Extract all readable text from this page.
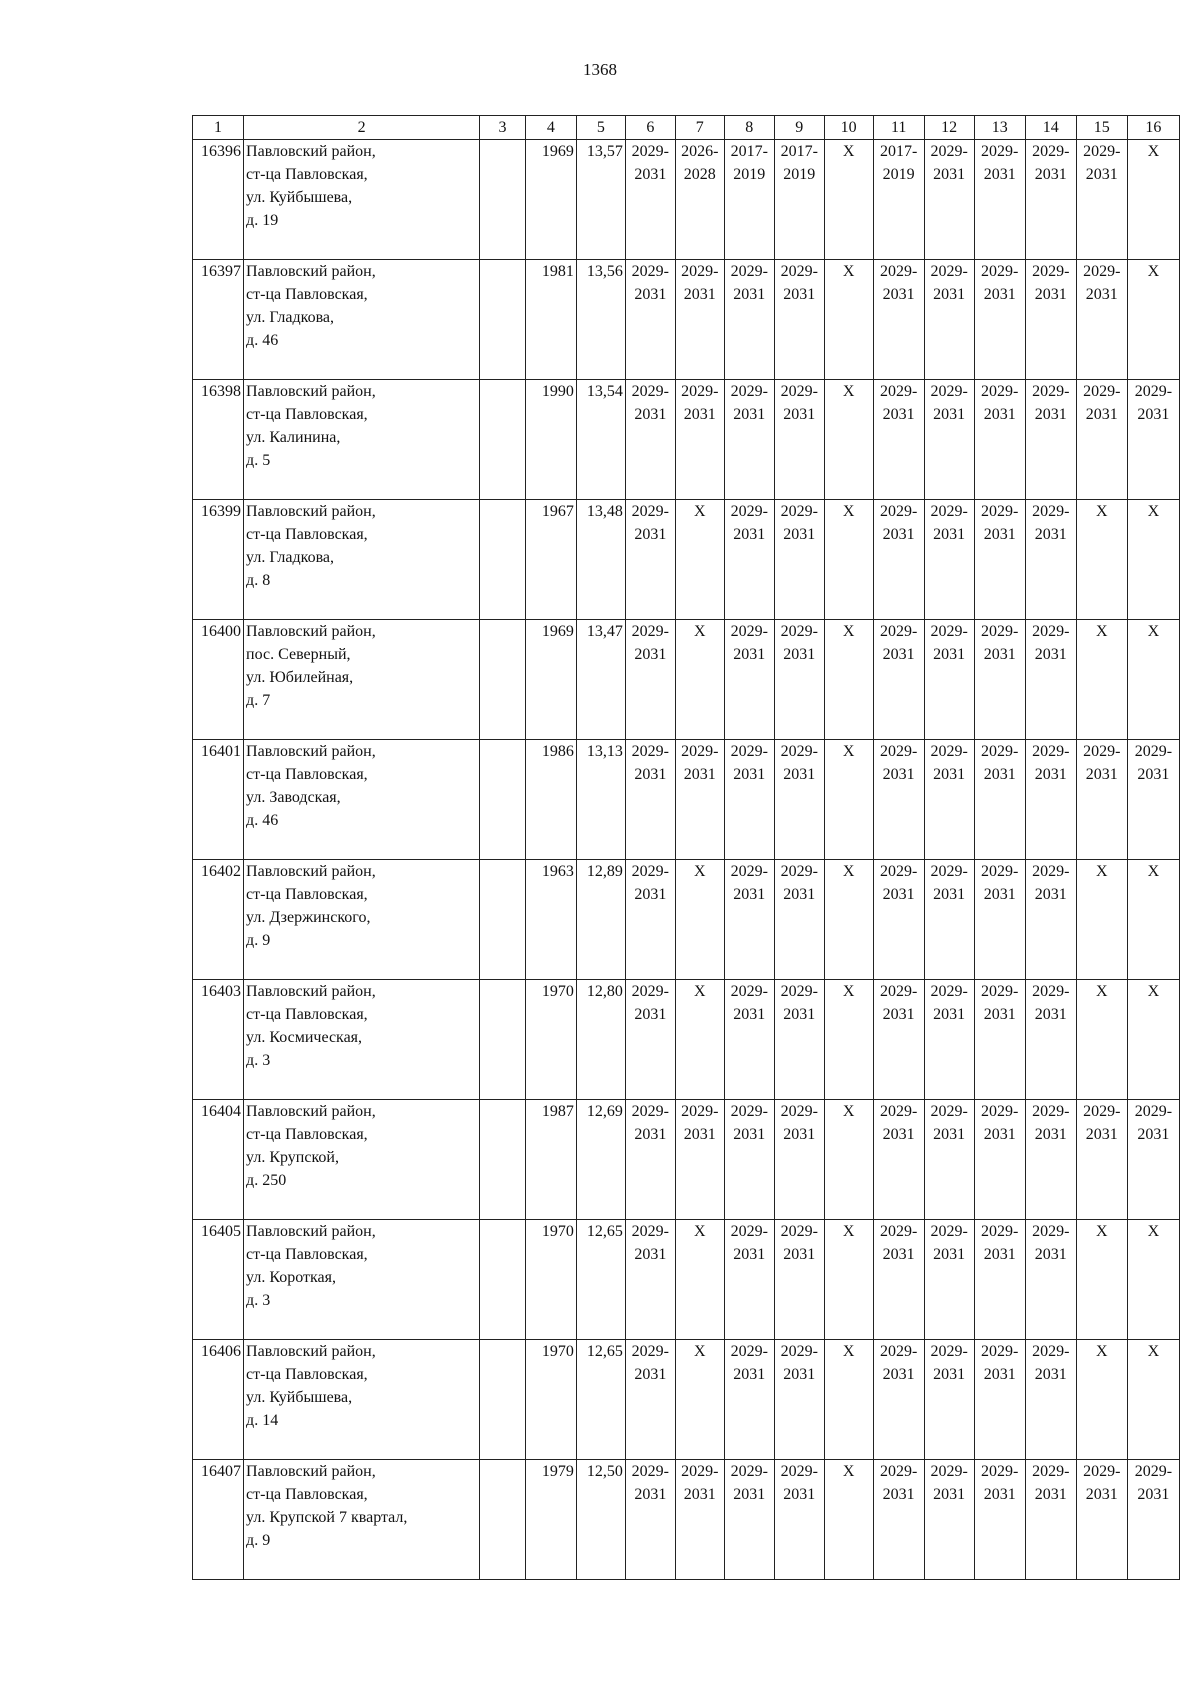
1368
1	2	3	4	5	6	7	8	9	10	11	12	13	14	15	16
16396	Павловский район,
ст-ца Павловская,
ул. Куйбышева,
д. 19		1969	13,57	2029-
2031	2026-
2028	2017-
2019	2017-
2019	Х	2017-
2019	2029-
2031	2029-
2031	2029-
2031	2029-
2031	Х

16397	Павловский район,
ст-ца Павловская,
ул. Гладкова,
д. 46		1981	13,56	2029-
2031	2029-
2031	2029-
2031	2029-
2031	Х	2029-
2031	2029-
2031	2029-
2031	2029-
2031	2029-
2031	Х

16398	Павловский район,
ст-ца Павловская,
ул. Калинина,
д. 5		1990	13,54	2029-
2031	2029-
2031	2029-
2031	2029-
2031	Х	2029-
2031	2029-
2031	2029-
2031	2029-
2031	2029-
2031	2029-
2031

16399	Павловский район,
ст-ца Павловская,
ул. Гладкова,
д. 8		1967	13,48	2029-
2031	Х	2029-
2031	2029-
2031	Х	2029-
2031	2029-
2031	2029-
2031	2029-
2031	Х	Х

16400	Павловский район,
пос. Северный,
ул. Юбилейная,
д. 7		1969	13,47	2029-
2031	Х	2029-
2031	2029-
2031	Х	2029-
2031	2029-
2031	2029-
2031	2029-
2031	Х	Х

16401	Павловский район,
ст-ца Павловская,
ул. Заводская,
д. 46		1986	13,13	2029-
2031	2029-
2031	2029-
2031	2029-
2031	Х	2029-
2031	2029-
2031	2029-
2031	2029-
2031	2029-
2031	2029-
2031

16402	Павловский район,
ст-ца Павловская,
ул. Дзержинского,
д. 9		1963	12,89	2029-
2031	Х	2029-
2031	2029-
2031	Х	2029-
2031	2029-
2031	2029-
2031	2029-
2031	Х	Х

16403	Павловский район,
ст-ца Павловская,
ул. Космическая,
д. 3		1970	12,80	2029-
2031	Х	2029-
2031	2029-
2031	Х	2029-
2031	2029-
2031	2029-
2031	2029-
2031	Х	Х

16404	Павловский район,
ст-ца Павловская,
ул. Крупской,
д. 250		1987	12,69	2029-
2031	2029-
2031	2029-
2031	2029-
2031	Х	2029-
2031	2029-
2031	2029-
2031	2029-
2031	2029-
2031	2029-
2031

16405	Павловский район,
ст-ца Павловская,
ул. Короткая,
д. 3		1970	12,65	2029-
2031	Х	2029-
2031	2029-
2031	Х	2029-
2031	2029-
2031	2029-
2031	2029-
2031	Х	Х

16406	Павловский район,
ст-ца Павловская,
ул. Куйбышева,
д. 14		1970	12,65	2029-
2031	Х	2029-
2031	2029-
2031	Х	2029-
2031	2029-
2031	2029-
2031	2029-
2031	Х	Х

16407	Павловский район,
ст-ца Павловская,
ул. Крупской 7 квартал,
д. 9		1979	12,50	2029-
2031	2029-
2031	2029-
2031	2029-
2031	Х	2029-
2031	2029-
2031	2029-
2031	2029-
2031	2029-
2031	2029-
2031
